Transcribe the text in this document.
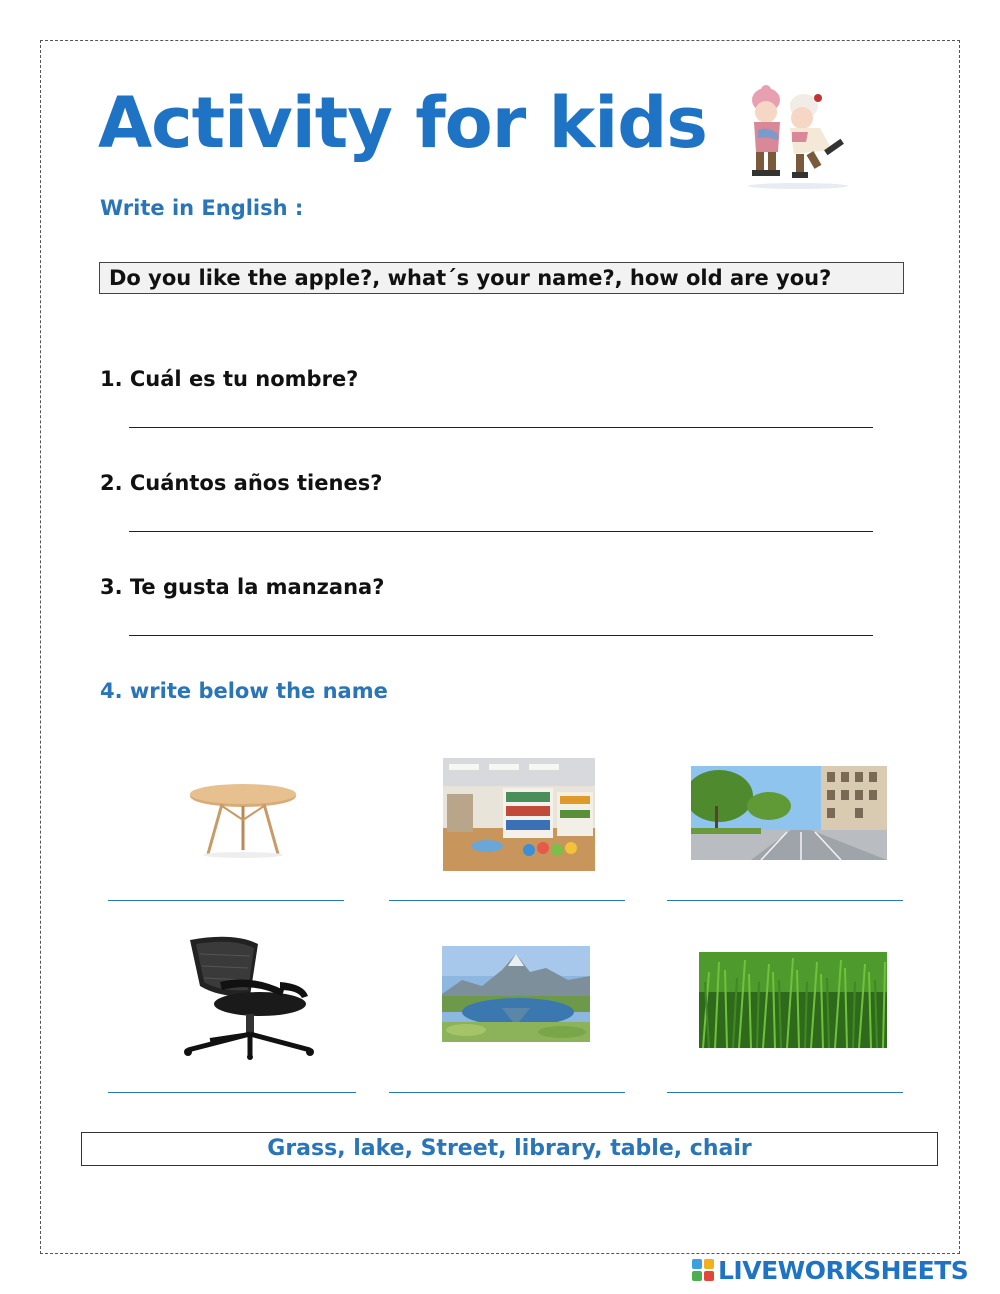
Activity for kids
Write in English :
Do you like the apple?, what´s your name?, how old are you?
1. Cuál es tu nombre?
2. Cuántos años tienes?
3. Te gusta la manzana?
4. write below the name
Grass, lake, Street, library, table, chair
LIVEWORKSHEETS
